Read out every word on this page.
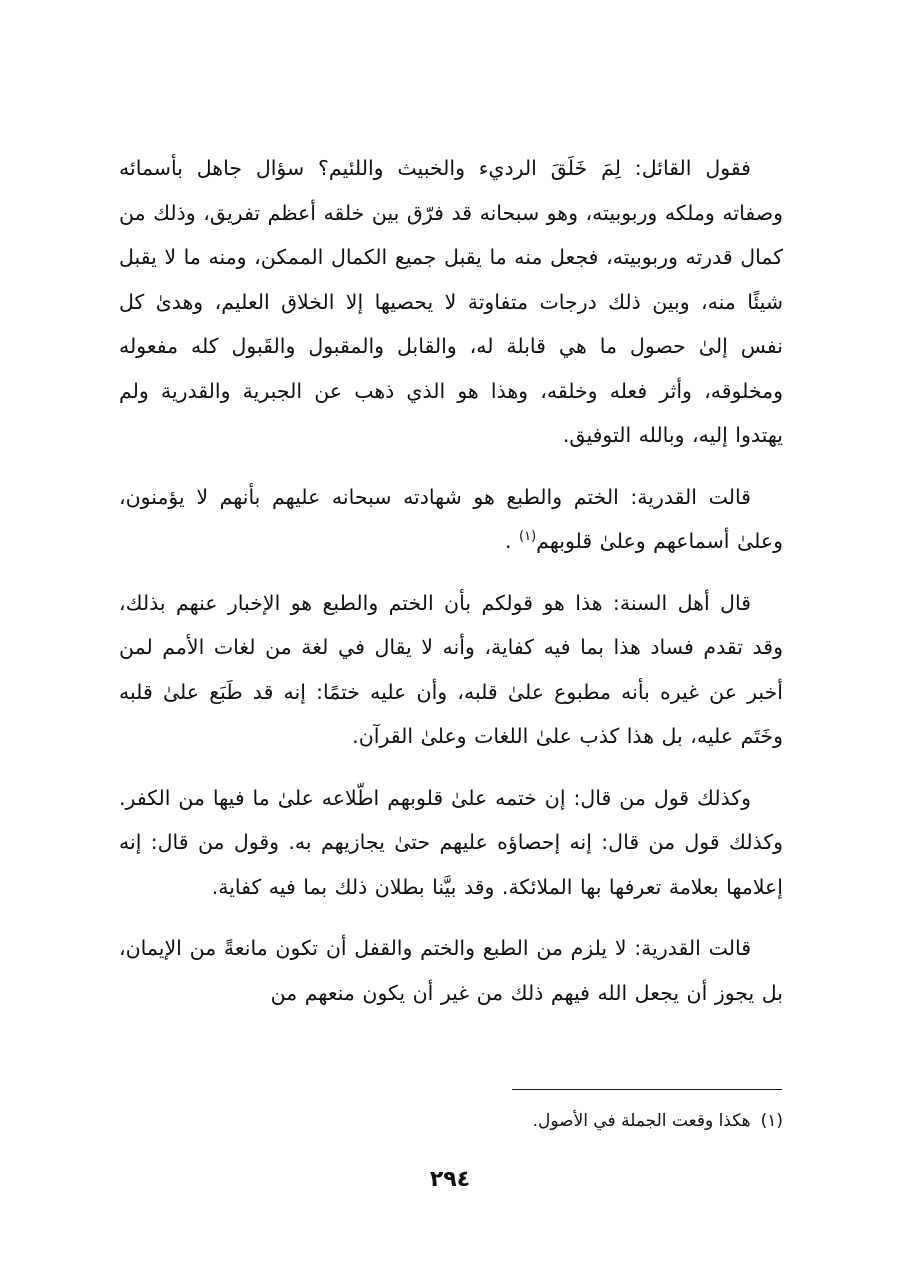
فقول القائل: لِمَ خَلَقَ الرديء والخبيث واللئيم؟ سؤال جاهل بأسمائه وصفاته وملكه وربوبيته، وهو سبحانه قد فرّق بين خلقه أعظم تفريق، وذلك من كمال قدرته وربوبيته، فجعل منه ما يقبل جميع الكمال الممكن، ومنه ما لا يقبل شيئًا منه، وبين ذلك درجات متفاوتة لا يحصيها إلا الخلاق العليم، وهدىٰ كل نفس إلىٰ حصول ما هي قابلة له، والقابل والمقبول والقَبول كله مفعوله ومخلوقه، وأثر فعله وخلقه، وهذا هو الذي ذهب عن الجبرية والقدرية ولم يهتدوا إليه، وبالله التوفيق.

قالت القدرية: الختم والطبع هو شهادته سبحانه عليهم بأنهم لا يؤمنون، وعلىٰ أسماعهم وعلىٰ قلوبهم$^{(١)}$ .

قال أهل السنة: هذا هو قولكم بأن الختم والطبع هو الإخبار عنهم بذلك، وقد تقدم فساد هذا بما فيه كفاية، وأنه لا يقال في لغة من لغات الأمم لمن أخبر عن غيره بأنه مطبوع علىٰ قلبه، وأن عليه ختمًا: إنه قد طَبَع علىٰ قلبه وخَتَم عليه، بل هذا كذب علىٰ اللغات وعلىٰ القرآن.

وكذلك قول من قال: إن ختمه علىٰ قلوبهم اطّلاعه علىٰ ما فيها من الكفر. وكذلك قول من قال: إنه إحصاؤه عليهم حتىٰ يجازيهم به. وقول من قال: إنه إعلامها بعلامة تعرفها بها الملائكة. وقد بيَّنا بطلان ذلك بما فيه كفاية.

قالت القدرية: لا يلزم من الطبع والختم والقفل أن تكون مانعةً من الإيمان، بل يجوز أن يجعل الله فيهم ذلك من غير أن يكون منعهم من

(١)هكذا وقعت الجملة في الأصول.
٢٩٤
